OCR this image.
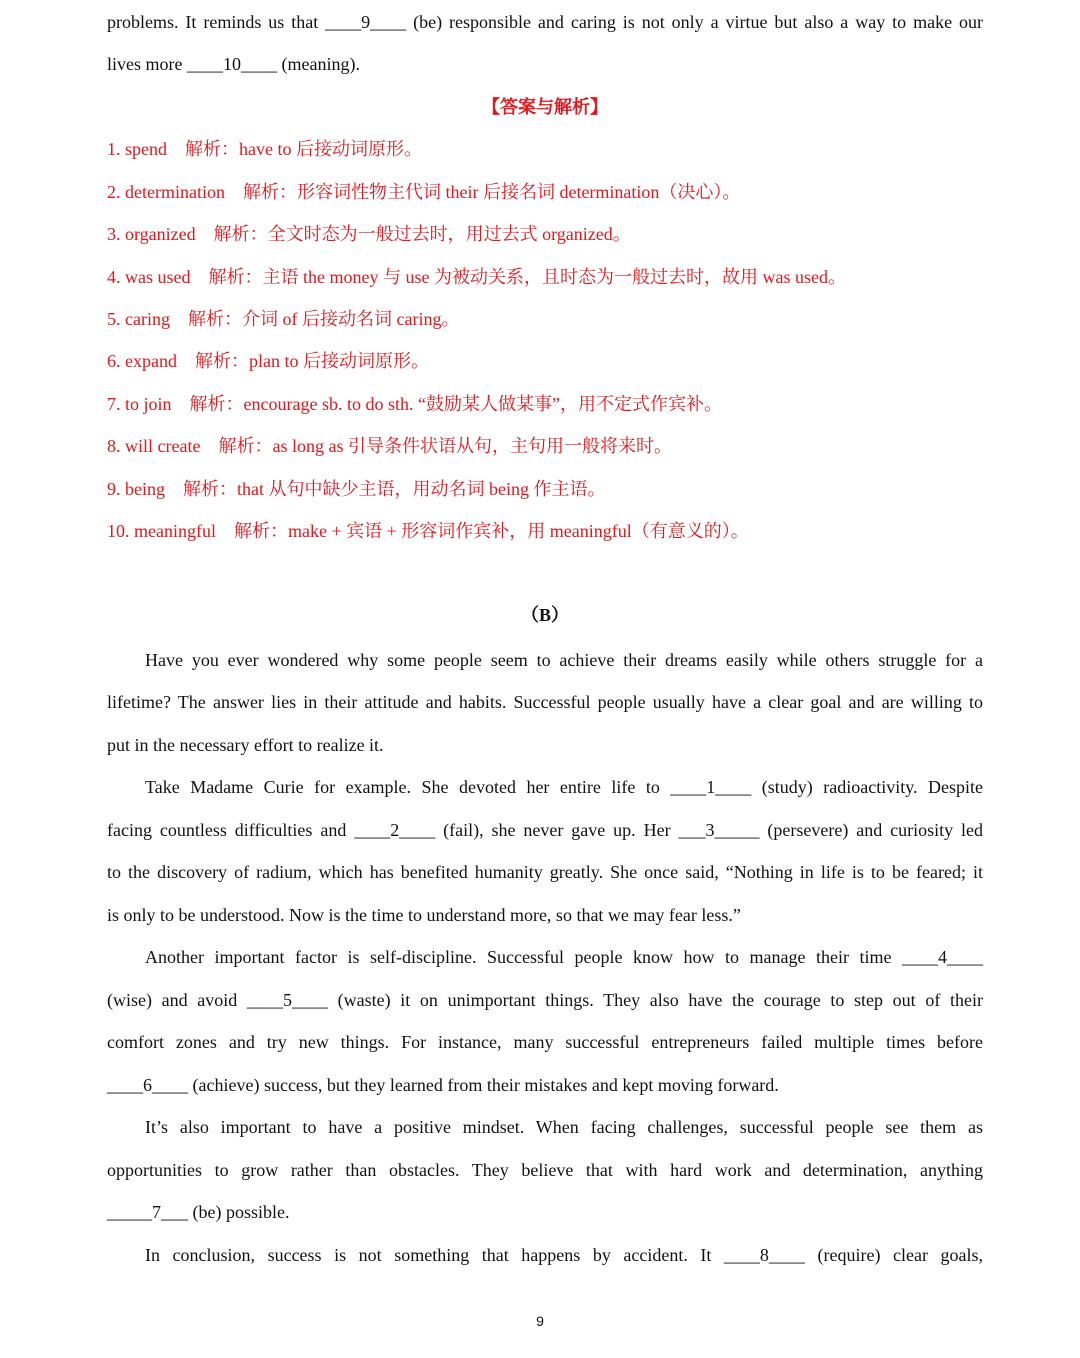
problems. It reminds us that ____9____ (be) responsible and caring is not only a virtue but also a way to make our
lives more ____10____ (meaning).
【答案与解析】
1. spend 解析：have to 后接动词原形。
2. determination 解析：形容词性物主代词 their 后接名词 determination（决心）。
3. organized 解析：全文时态为一般过去时，用过去式 organized。
4. was used 解析：主语 the money 与 use 为被动关系，且时态为一般过去时，故用 was used。
5. caring 解析：介词 of 后接动名词 caring。
6. expand 解析：plan to 后接动词原形。
7. to join 解析：encourage sb. to do sth. “鼓励某人做某事”，用不定式作宾补。
8. will create 解析：as long as 引导条件状语从句，主句用一般将来时。
9. being 解析：that 从句中缺少主语，用动名词 being 作主语。
10. meaningful 解析：make + 宾语 + 形容词作宾补，用 meaningful（有意义的）。
（B）
Have you ever wondered why some people seem to achieve their dreams easily while others struggle for a
lifetime? The answer lies in their attitude and habits. Successful people usually have a clear goal and are willing to
put in the necessary effort to realize it.
Take Madame Curie for example. She devoted her entire life to ____1____ (study) radioactivity. Despite
facing countless difficulties and ____2____ (fail), she never gave up. Her ___3_____ (persevere) and curiosity led
to the discovery of radium, which has benefited humanity greatly. She once said, “Nothing in life is to be feared; it
is only to be understood. Now is the time to understand more, so that we may fear less.”
Another important factor is self-discipline. Successful people know how to manage their time ____4____
(wise) and avoid ____5____ (waste) it on unimportant things. They also have the courage to step out of their
comfort zones and try new things. For instance, many successful entrepreneurs failed multiple times before
____6____ (achieve) success, but they learned from their mistakes and kept moving forward.
It’s also important to have a positive mindset. When facing challenges, successful people see them as
opportunities to grow rather than obstacles. They believe that with hard work and determination, anything
_____7___ (be) possible.
In conclusion, success is not something that happens by accident. It ____8____ (require) clear goals,
9
